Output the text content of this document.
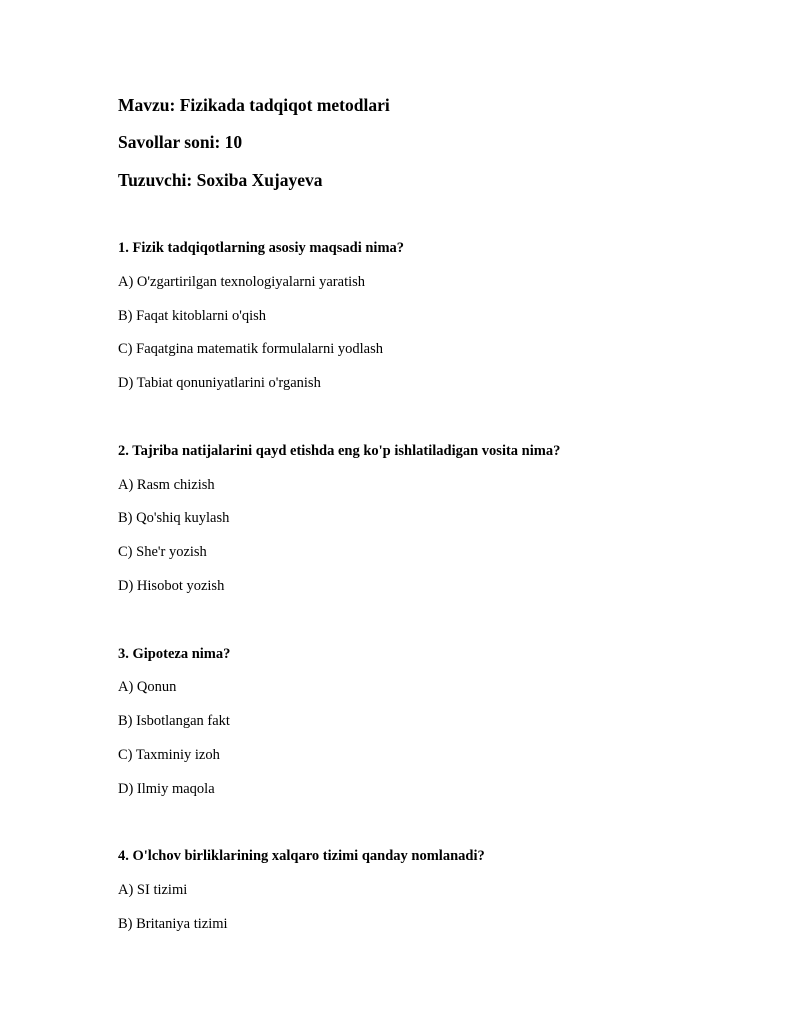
Mavzu: Fizikada tadqiqot metodlari
Savollar soni: 10
Tuzuvchi: Soxiba Xujayeva
1. Fizik tadqiqotlarning asosiy maqsadi nima?
A) O'zgartirilgan texnologiyalarni yaratish
B) Faqat kitoblarni o'qish
C) Faqatgina matematik formulalarni yodlash
D) Tabiat qonuniyatlarini o'rganish
2. Tajriba natijalarini qayd etishda eng ko'p ishlatiladigan vosita nima?
A) Rasm chizish
B) Qo'shiq kuylash
C) She'r yozish
D) Hisobot yozish
3. Gipoteza nima?
A) Qonun
B) Isbotlangan fakt
C) Taxminiy izoh
D) Ilmiy maqola
4. O'lchov birliklarining xalqaro tizimi qanday nomlanadi?
A) SI tizimi
B) Britaniya tizimi
